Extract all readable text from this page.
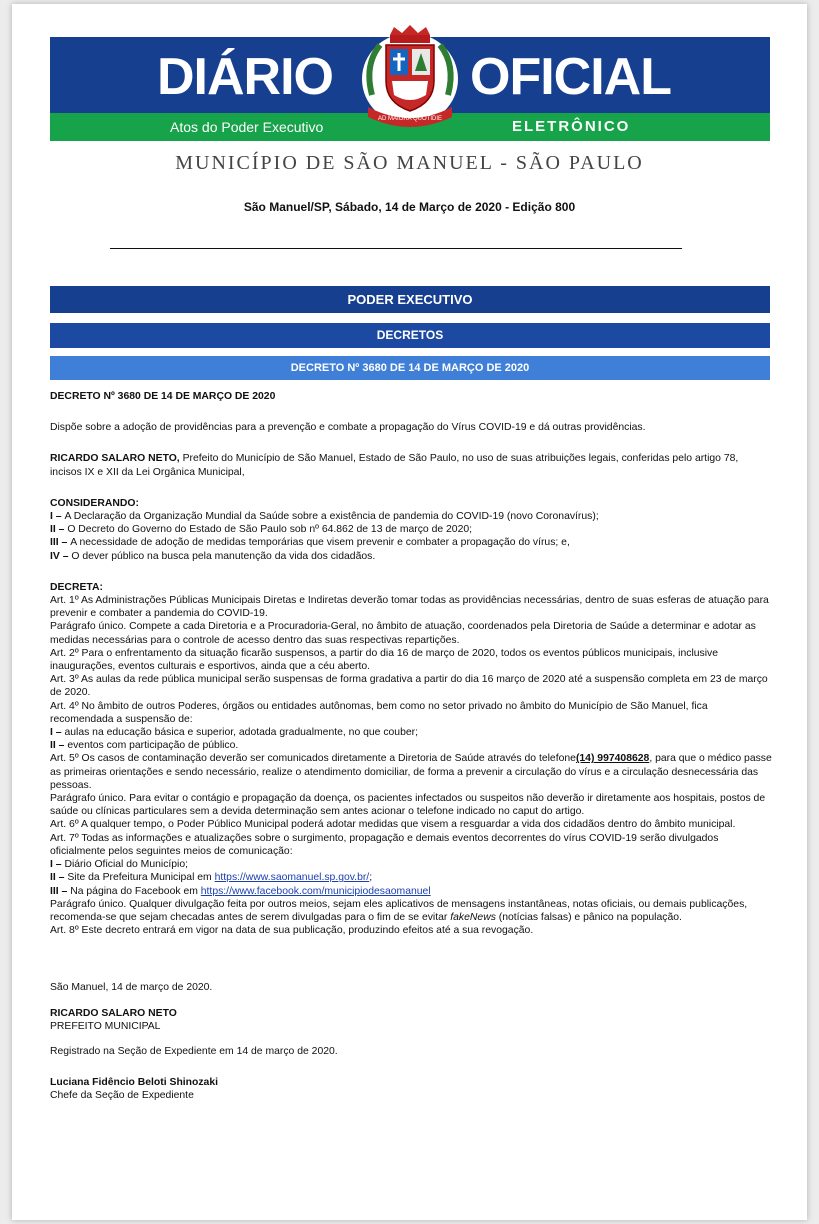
DIÁRIO	OFICIAL
Atos do Poder Executivo	ELETRÔNICO
AD MAIORA QUOTIDIE
MUNICÍPIO DE SÃO MANUEL - SÃO PAULO
São Manuel/SP, Sábado, 14 de Março de 2020 - Edição 800
PODER EXECUTIVO
DECRETOS
DECRETO Nº 3680 DE 14 DE MARÇO DE 2020

DECRETO Nº 3680 DE 14 DE MARÇO DE 2020

Dispõe sobre a adoção de providências para a prevenção e combate a propagação do Vírus COVID-19 e dá outras providências.

RICARDO SALARO NETO, Prefeito do Município de São Manuel, Estado de São Paulo, no uso de suas atribuições legais, conferidas pelo artigo 78, incisos IX e XII da Lei Orgânica Municipal,

CONSIDERANDO:

I – A Declaração da Organização Mundial da Saúde sobre a existência de pandemia do COVID-19 (novo Coronavírus);

II – O Decreto do Governo do Estado de São Paulo sob nº 64.862 de 13 de março de 2020;

III – A necessidade de adoção de medidas temporárias que visem prevenir e combater a propagação do vírus; e,

IV – O dever público na busca pela manutenção da vida dos cidadãos.

DECRETA:

Art. 1º As Administrações Públicas Municipais Diretas e Indiretas deverão tomar todas as providências necessárias, dentro de suas esferas de atuação para prevenir e combater a pandemia do COVID-19.

Parágrafo único. Compete a cada Diretoria e a Procuradoria-Geral, no âmbito de atuação, coordenados pela Diretoria de Saúde a determinar e adotar as medidas necessárias para o controle de acesso dentro das suas respectivas repartições.

Art. 2º Para o enfrentamento da situação ficarão suspensos, a partir do dia 16 de março de 2020, todos os eventos públicos municipais, inclusive inaugurações, eventos culturais e esportivos, ainda que a céu aberto.

Art. 3º As aulas da rede pública municipal serão suspensas de forma gradativa a partir do dia 16 março de 2020 até a suspensão completa em 23 de março de 2020.

Art. 4º No âmbito de outros Poderes, órgãos ou entidades autônomas, bem como no setor privado no âmbito do Município de São Manuel, fica recomendada a suspensão de:

I – aulas na educação básica e superior, adotada gradualmente, no que couber;

II – eventos com participação de público.

Art. 5º Os casos de contaminação deverão ser comunicados diretamente a Diretoria de Saúde através do telefone(14) 997408628, para que o médico passe as primeiras orientações e sendo necessário, realize o atendimento domiciliar, de forma a prevenir a circulação do vírus e a circulação desnecessária das pessoas.

Parágrafo único. Para evitar o contágio e propagação da doença, os pacientes infectados ou suspeitos não deverão ir diretamente aos hospitais, postos de saúde ou clínicas particulares sem a devida determinação sem antes acionar o telefone indicado no caput do artigo.

Art. 6º A qualquer tempo, o Poder Público Municipal poderá adotar medidas que visem a resguardar a vida dos cidadãos dentro do âmbito municipal.

Art. 7º Todas as informações e atualizações sobre o surgimento, propagação e demais eventos decorrentes do vírus COVID-19 serão divulgados oficialmente pelos seguintes meios de comunicação:

I – Diário Oficial do Município;

II – Site da Prefeitura Municipal em https://www.saomanuel.sp.gov.br/;

III – Na página do Facebook em https://www.facebook.com/municipiodesaomanuel

Parágrafo único. Qualquer divulgação feita por outros meios, sejam eles aplicativos de mensagens instantâneas, notas oficiais, ou demais publicações, recomenda-se que sejam checadas antes de serem divulgadas para o fim de se evitar fakeNews (notícias falsas) e pânico na população.

Art. 8º Este decreto entrará em vigor na data de sua publicação, produzindo efeitos até a sua revogação.

São Manuel, 14 de março de 2020.

RICARDO SALARO NETO

PREFEITO MUNICIPAL

Registrado na Seção de Expediente em 14 de março de 2020.

Luciana Fidêncio Beloti Shinozaki

Chefe da Seção de Expediente
